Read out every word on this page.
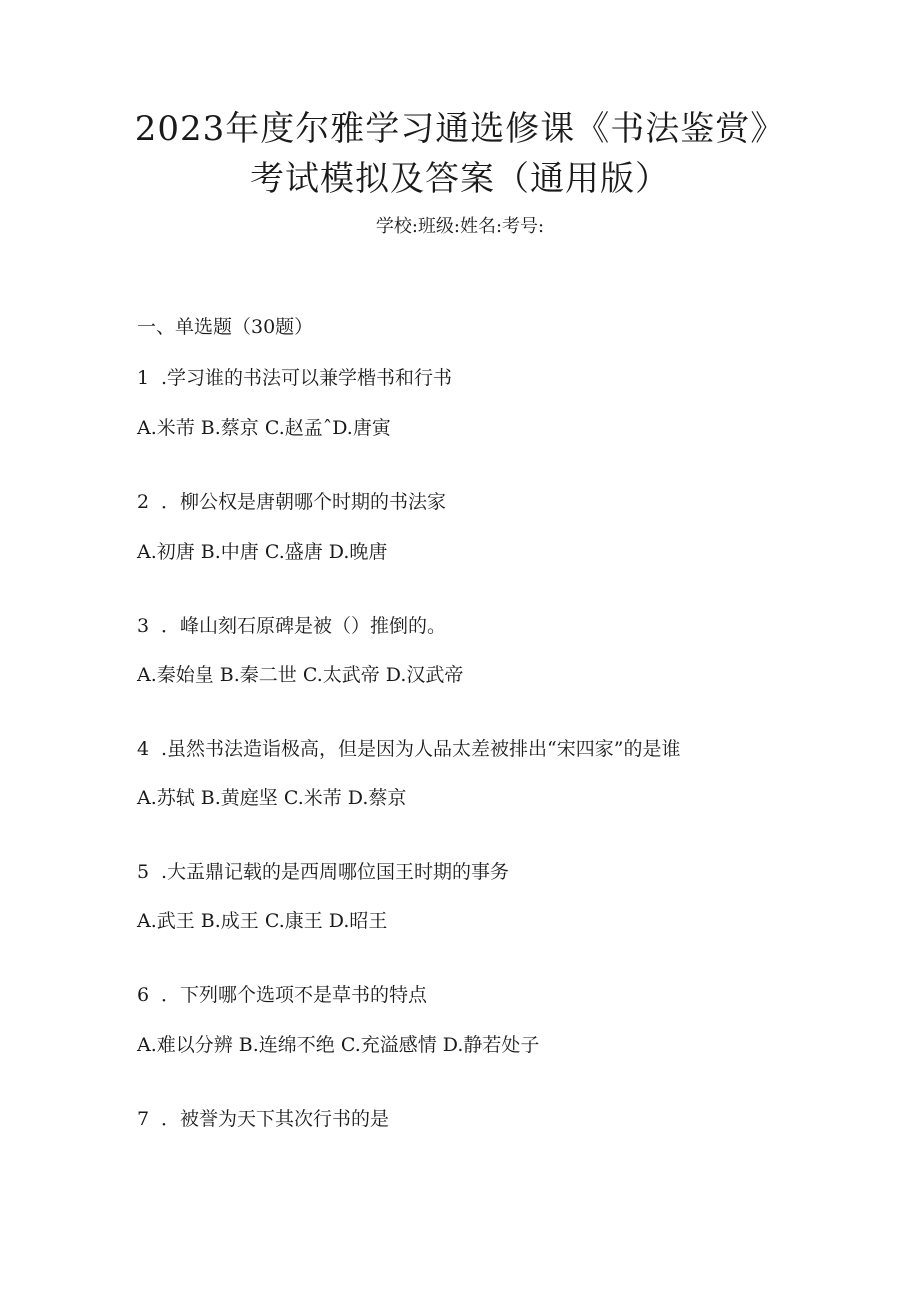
2023年度尔雅学习通选修课《书法鉴赏》
考试模拟及答案（通用版）
学校:班级:姓名:考号:
一、单选题（30题）
1 .学习谁的书法可以兼学楷书和行书
A.米芾 B.蔡京 C.赵孟ˆD.唐寅
2 ．柳公权是唐朝哪个时期的书法家
A.初唐 B.中唐 C.盛唐 D.晚唐
3 ．峰山刻石原碑是被（）推倒的。
A.秦始皇 B.秦二世 C.太武帝 D.汉武帝
4 .虽然书法造诣极高，但是因为人品太差被排出“宋四家”的是谁
A.苏轼 B.黄庭坚 C.米芾 D.蔡京
5 .大盂鼎记载的是西周哪位国王时期的事务
A.武王 B.成王 C.康王 D.昭王
6 ．下列哪个选项不是草书的特点
A.难以分辨 B.连绵不绝 C.充溢感情 D.静若处子
7 ．被誉为天下其次行书的是
